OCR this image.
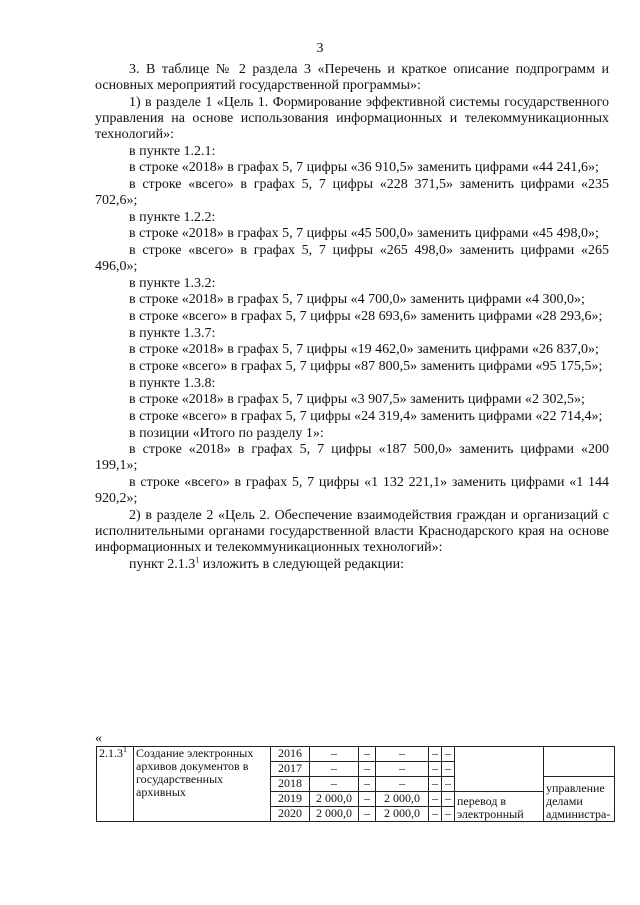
3

3. В таблице № 2 раздела 3 «Перечень и краткое описание подпрограмм и основных мероприятий государственной программы»:

1) в разделе 1 «Цель 1. Формирование эффективной системы государственного управления на основе использования информационных и телекоммуникационных технологий»:

в пункте 1.2.1:

в строке «2018» в графах 5, 7 цифры «36 910,5» заменить цифрами «44 241,6»;

в строке «всего» в графах 5, 7 цифры «228 371,5» заменить цифрами «235 702,6»;

в пункте 1.2.2:

в строке «2018» в графах 5, 7 цифры «45 500,0» заменить цифрами «45 498,0»;

в строке «всего» в графах 5, 7 цифры «265 498,0» заменить цифрами «265 496,0»;

в пункте 1.3.2:

в строке «2018» в графах 5, 7 цифры «4 700,0» заменить цифрами «4 300,0»;

в строке «всего» в графах 5, 7 цифры «28 693,6» заменить цифрами «28 293,6»;

в пункте 1.3.7:

в строке «2018» в графах 5, 7 цифры «19 462,0» заменить цифрами «26 837,0»;

в строке «всего» в графах 5, 7 цифры «87 800,5» заменить цифрами «95 175,5»;

в пункте 1.3.8:

в строке «2018» в графах 5, 7 цифры «3 907,5» заменить цифрами «2 302,5»;

в строке «всего» в графах 5, 7 цифры «24 319,4» заменить цифрами «22 714,4»;

в позиции «Итого по разделу 1»:

в строке «2018» в графах 5, 7 цифры «187 500,0» заменить цифрами «200 199,1»;

в строке «всего» в графах 5, 7 цифры «1 132 221,1» заменить цифрами «1 144 920,2»;

2) в разделе 2 «Цель 2. Обеспечение взаимодействия граждан и организаций с исполнительными органами государственной власти Краснодарского края на основе информационных и телекоммуникационных технологий»:

пункт 2.1.3$^1$ изложить в следующей редакции:

«
2.1.3$^1$	Создание электронных архивов документов в государственных архивных	2016	–	–	–	–	–		
		2017	–	–	–	–	–		
		2018	–	–	–	–	–		управление делами администра-
		2019	2 000,0	–	2 000,0	–	–	перевод в электронный	
		2020	2 000,0	–	2 000,0	–	–		
